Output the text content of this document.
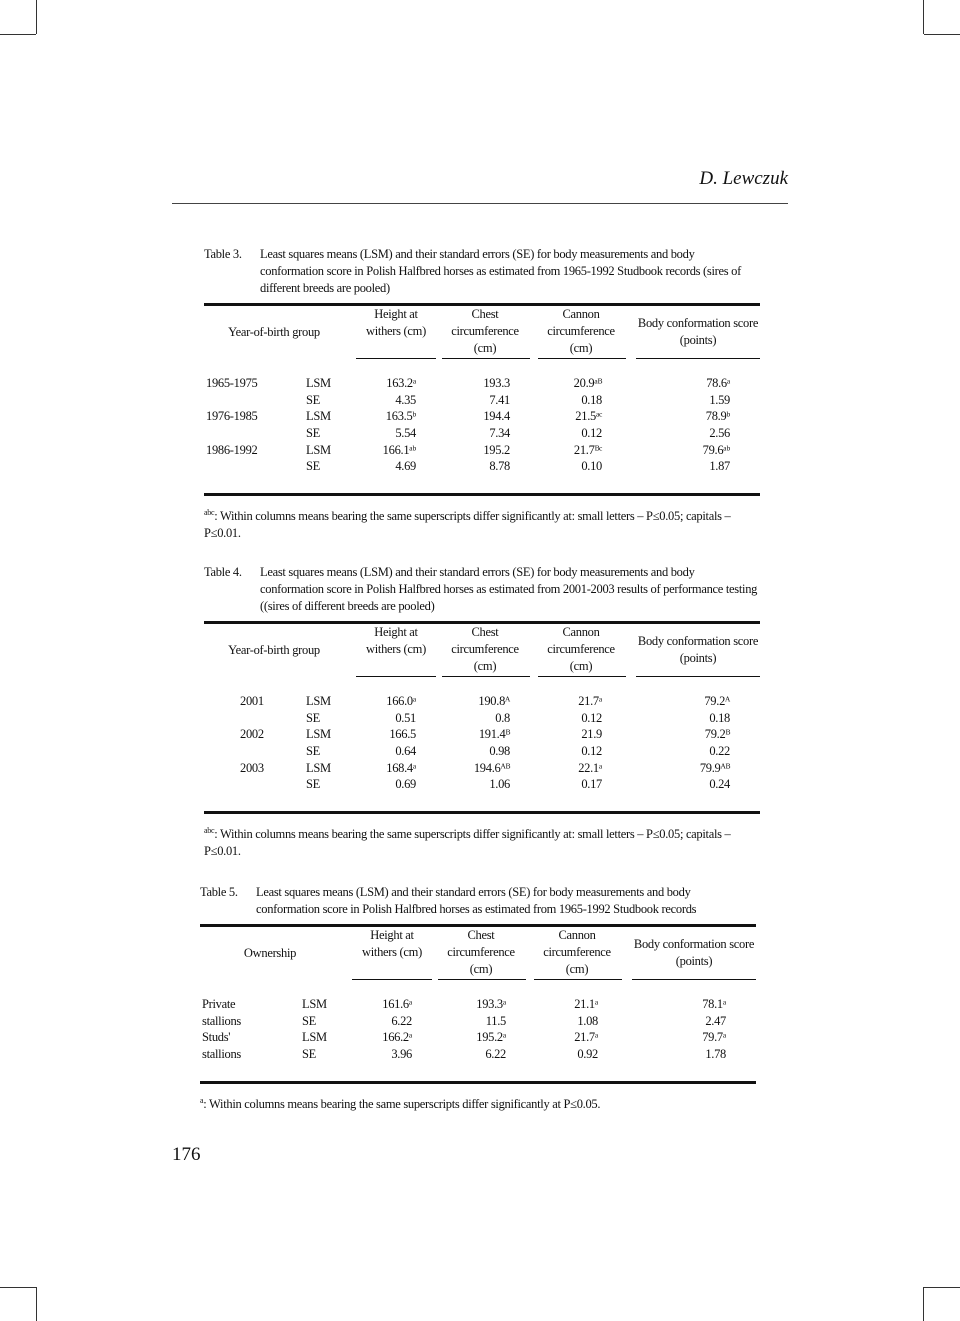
D. Lewczuk
Table 3.	Least squares means (LSM) and their standard errors (SE) for body measurements and body conformation score in Polish Halfbred horses as estimated from 1965-1992 Studbook records (sires of different breeds are pooled)
Year-of-birth group
Height at withers (cm)
Chest circumference (cm)
Cannon circumference (cm)
Body conformation score (points)
1965-1975	LSM	163.2ᵃ	193.3	20.9ᵃᴮ	78.6ᵃ
SE	4.35	7.41	0.18	1.59
1976-1985	LSM	163.5ᵇ	194.4	21.5ᵃᶜ	78.9ᵇ
SE	5.54	7.34	0.12	2.56
1986-1992	LSM	166.1ᵃᵇ	195.2	21.7ᴮᶜ	79.6ᵃᵇ
SE	4.69	8.78	0.10	1.87
$^{abc}$: Within columns means bearing the same superscripts differ significantly at: small letters – P≤0.05; capitals – P≤0.01.
Table 4.	Least squares means (LSM) and their standard errors (SE) for body measurements and body conformation score in Polish Halfbred horses as estimated from 2001-2003 results of performance testing ((sires of different breeds are pooled)
Year-of-birth group
Height at withers (cm)
Chest circumference (cm)
Cannon circumference (cm)
Body conformation score (points)
2001	LSM	166.0ᵃ	190.8ᴬ	21.7ᵃ	79.2ᴬ
SE	0.51	0.8	0.12	0.18
2002	LSM	166.5	191.4ᴮ	21.9	79.2ᴮ
SE	0.64	0.98	0.12	0.22
2003	LSM	168.4ᵃ	194.6ᴬᴮ	22.1ᵃ	79.9ᴬᴮ
SE	0.69	1.06	0.17	0.24
$^{abc}$: Within columns means bearing the same superscripts differ significantly at: small letters – P≤0.05; capitals – P≤0.01.
Table 5.	Least squares means (LSM) and their standard errors (SE) for body measurements and body conformation score in Polish Halfbred horses as estimated from 1965-1992 Studbook records
Ownership
Height at withers (cm)
Chest circumference (cm)
Cannon circumference (cm)
Body conformation score (points)
Private	LSM	161.6ᵃ	193.3ᵃ	21.1ᵃ	78.1ᵃ
stallions	SE	6.22	11.5	1.08	2.47
Studs'	LSM	166.2ᵃ	195.2ᵃ	21.7ᵃ	79.7ᵃ
stallions	SE	3.96	6.22	0.92	1.78
$^a$: Within columns means bearing the same superscripts differ significantly at P≤0.05.
176
